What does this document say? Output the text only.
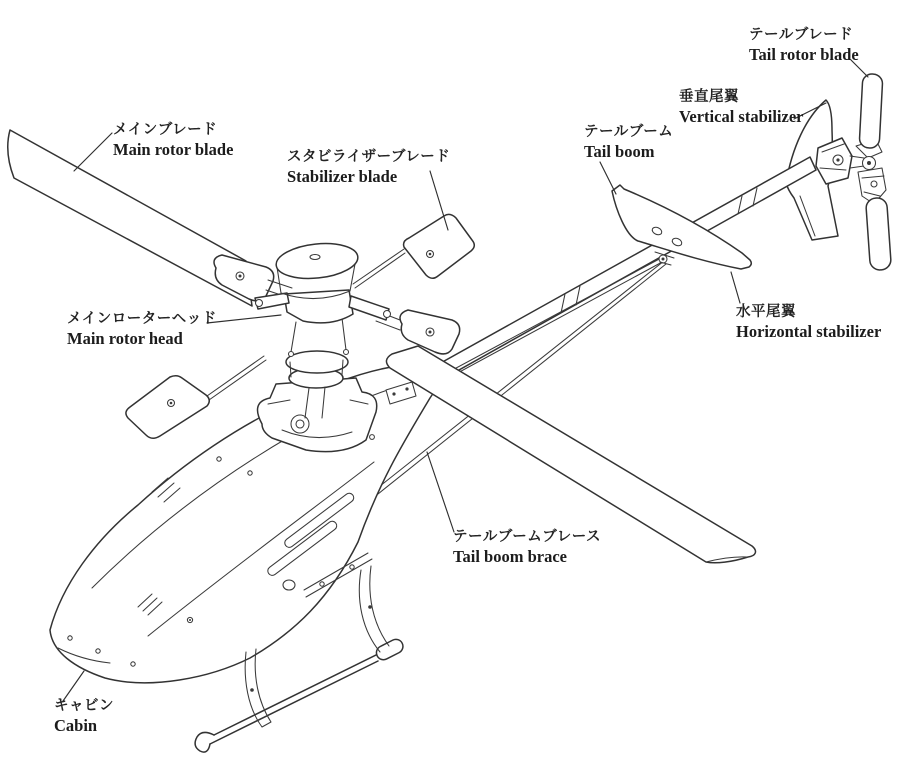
メインブレード
Main rotor blade	スタビライザーブレード
Stabilizer blade
メインローターヘッド
Main rotor head
テールブーム
Tail boom
テールブレード
Tail rotor blade
垂直尾翼
Vertical stabilizer
水平尾翼
Horizontal stabilizer
テールブームブレース
Tail boom brace
キャビン
Cabin
